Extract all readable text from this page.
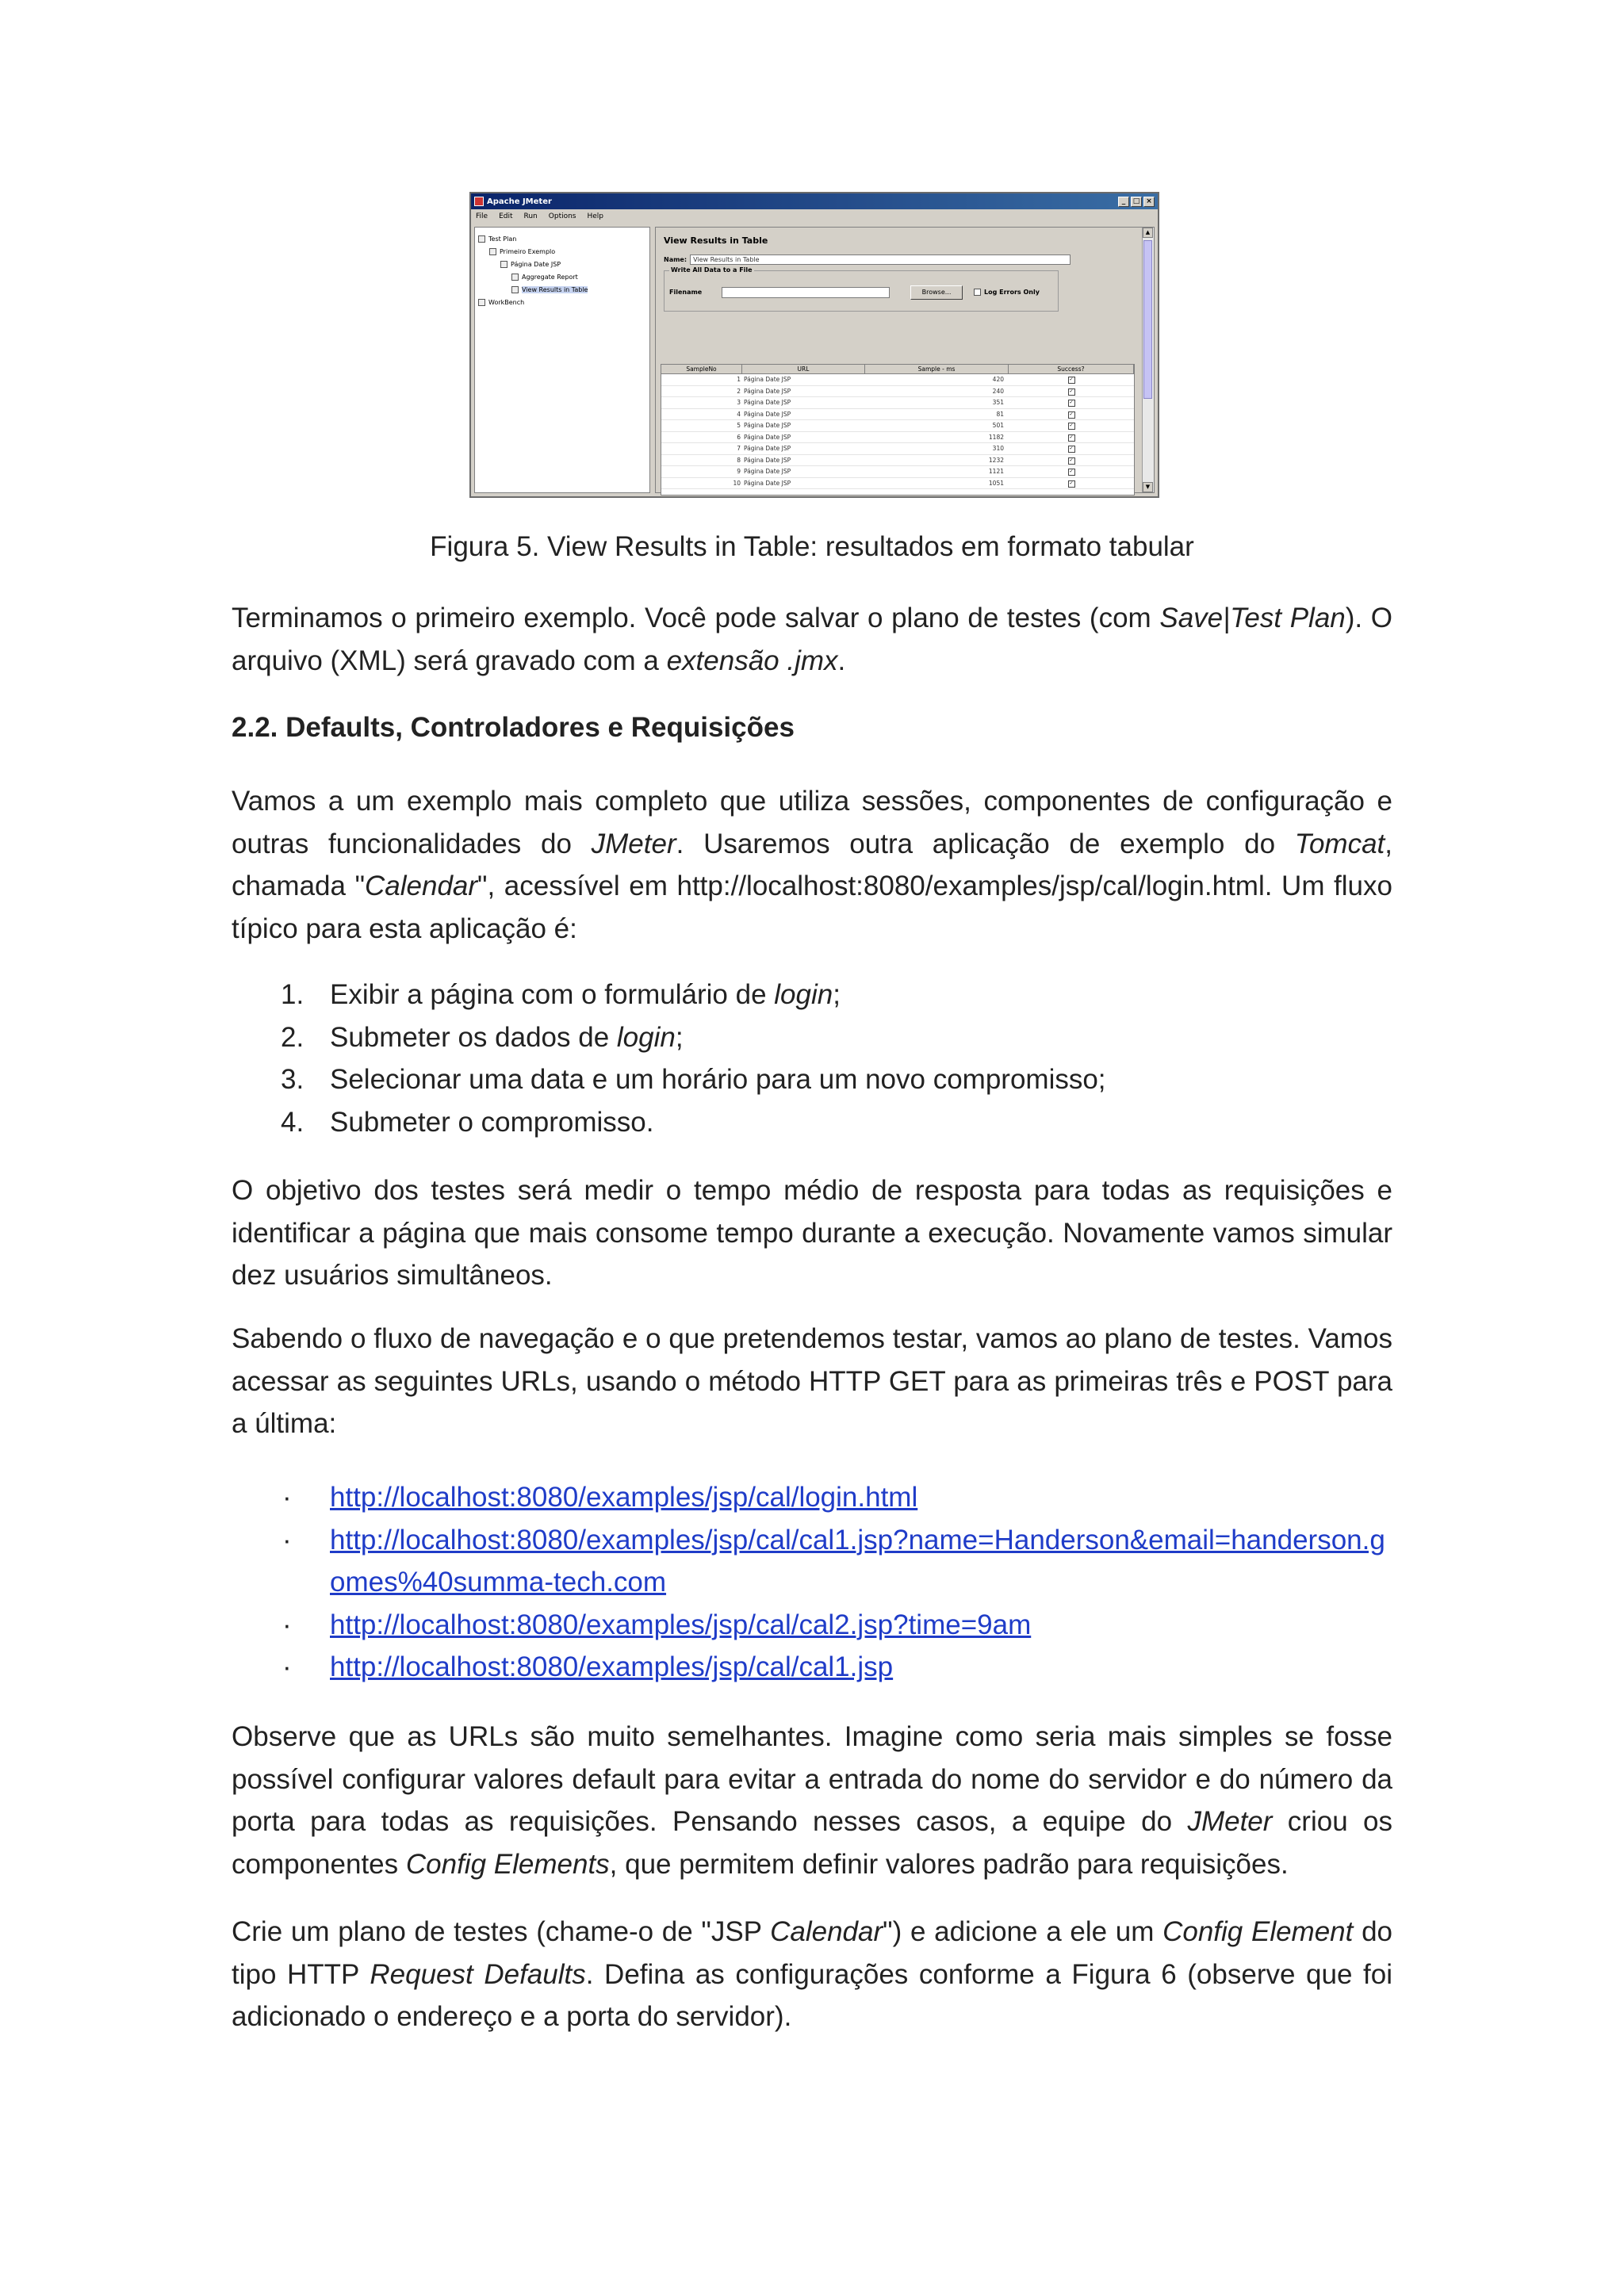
Apache JMeter	_	□ ×
File Edit Run Options Help
Test Plan
Primeiro Exemplo
Página Date JSP
Aggregate Report
View Results in Table
WorkBench
View Results in Table
Name:	View Results in Table
Write All Data to a File
Filename	Browse...	Log Errors Only
SampleNo	URL	Sample - ms	Success?
1 Página Date JSP	420	✓
2 Página Date JSP	240	✓
3 Página Date JSP	351	✓
4 Página Date JSP	81	✓
5 Página Date JSP	501	✓
6 Página Date JSP	1182	✓
7 Página Date JSP	310	✓
8 Página Date JSP	1232	✓
9 Página Date JSP	1121	✓
10 Página Date JSP	1051	✓
▲
▼
Figura 5. View Results in Table: resultados em formato tabular

Terminamos o primeiro exemplo. Você pode salvar o plano de testes (com Save|Test Plan). O arquivo (XML) será gravado com a extensão .jmx.

2.2. Defaults, Controladores e Requisições

Vamos a um exemplo mais completo que utiliza sessões, componentes de configuração e outras funcionalidades do JMeter. Usaremos outra aplicação de exemplo do Tomcat, chamada "Calendar", acessível em http://localhost:8080/examples/jsp/cal/login.html. Um fluxo típico para esta aplicação é:

1. Exibir a página com o formulário de login;
2. Submeter os dados de login;
3. Selecionar uma data e um horário para um novo compromisso;
4. Submeter o compromisso.

O objetivo dos testes será medir o tempo médio de resposta para todas as requisições e identificar a página que mais consome tempo durante a execução. Novamente vamos simular dez usuários simultâneos.

Sabendo o fluxo de navegação e o que pretendemos testar, vamos ao plano de testes. Vamos acessar as seguintes URLs, usando o método HTTP GET para as primeiras três e POST para a última:

· http://localhost:8080/examples/jsp/cal/login.html
· http://localhost:8080/examples/jsp/cal/cal1.jsp?name=Handerson&email=handerson.gomes%40summa-tech.com
· http://localhost:8080/examples/jsp/cal/cal2.jsp?time=9am
· http://localhost:8080/examples/jsp/cal/cal1.jsp

Observe que as URLs são muito semelhantes. Imagine como seria mais simples se fosse possível configurar valores default para evitar a entrada do nome do servidor e do número da porta para todas as requisições. Pensando nesses casos, a equipe do JMeter criou os componentes Config Elements, que permitem definir valores padrão para requisições.

Crie um plano de testes (chame-o de "JSP Calendar") e adicione a ele um Config Element do tipo HTTP Request Defaults. Defina as configurações conforme a Figura 6 (observe que foi adicionado o endereço e a porta do servidor).
